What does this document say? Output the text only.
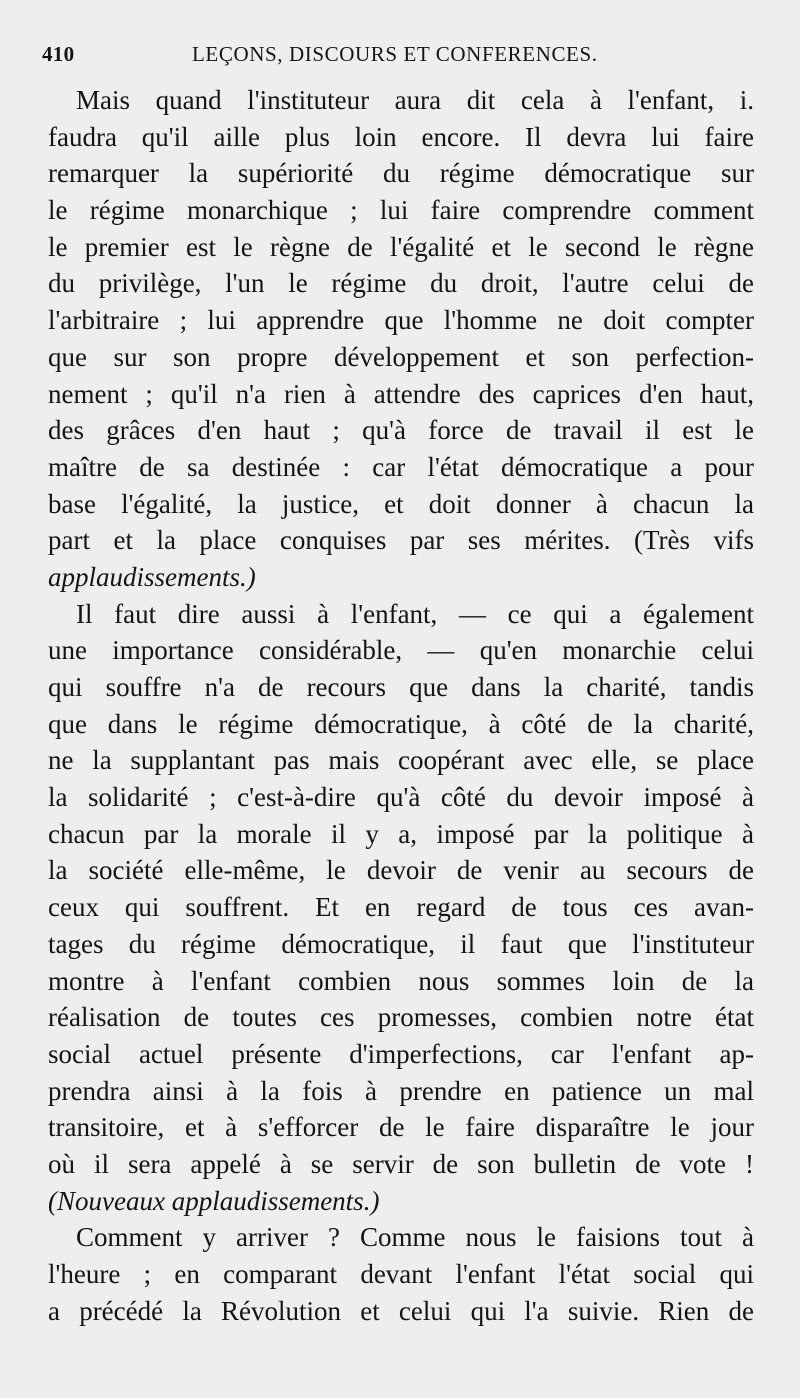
410	LEÇONS, DISCOURS ET CONFERENCES.
Mais quand l'instituteur aura dit cela à l'enfant, i.
faudra qu'il aille plus loin encore. Il devra lui faire
remarquer la supériorité du régime démocratique sur
le régime monarchique ; lui faire comprendre comment
le premier est le règne de l'égalité et le second le règne
du privilège, l'un le régime du droit, l'autre celui de
l'arbitraire ; lui apprendre que l'homme ne doit compter
que sur son propre développement et son perfection-
nement ; qu'il n'a rien à attendre des caprices d'en haut,
des grâces d'en haut ; qu'à force de travail il est le
maître de sa destinée : car l'état démocratique a pour
base l'égalité, la justice, et doit donner à chacun la
part et la place conquises par ses mérites. (Très vifs
applaudissements.)
Il faut dire aussi à l'enfant, — ce qui a également
une importance considérable, — qu'en monarchie celui
qui souffre n'a de recours que dans la charité, tandis
que dans le régime démocratique, à côté de la charité,
ne la supplantant pas mais coopérant avec elle, se place
la solidarité ; c'est-à-dire qu'à côté du devoir imposé à
chacun par la morale il y a, imposé par la politique à
la société elle-même, le devoir de venir au secours de
ceux qui souffrent. Et en regard de tous ces avan-
tages du régime démocratique, il faut que l'instituteur
montre à l'enfant combien nous sommes loin de la
réalisation de toutes ces promesses, combien notre état
social actuel présente d'imperfections, car l'enfant ap-
prendra ainsi à la fois à prendre en patience un mal
transitoire, et à s'efforcer de le faire disparaître le jour
où il sera appelé à se servir de son bulletin de vote !
(Nouveaux applaudissements.)
Comment y arriver ? Comme nous le faisions tout à
l'heure ; en comparant devant l'enfant l'état social qui
a précédé la Révolution et celui qui l'a suivie. Rien de
